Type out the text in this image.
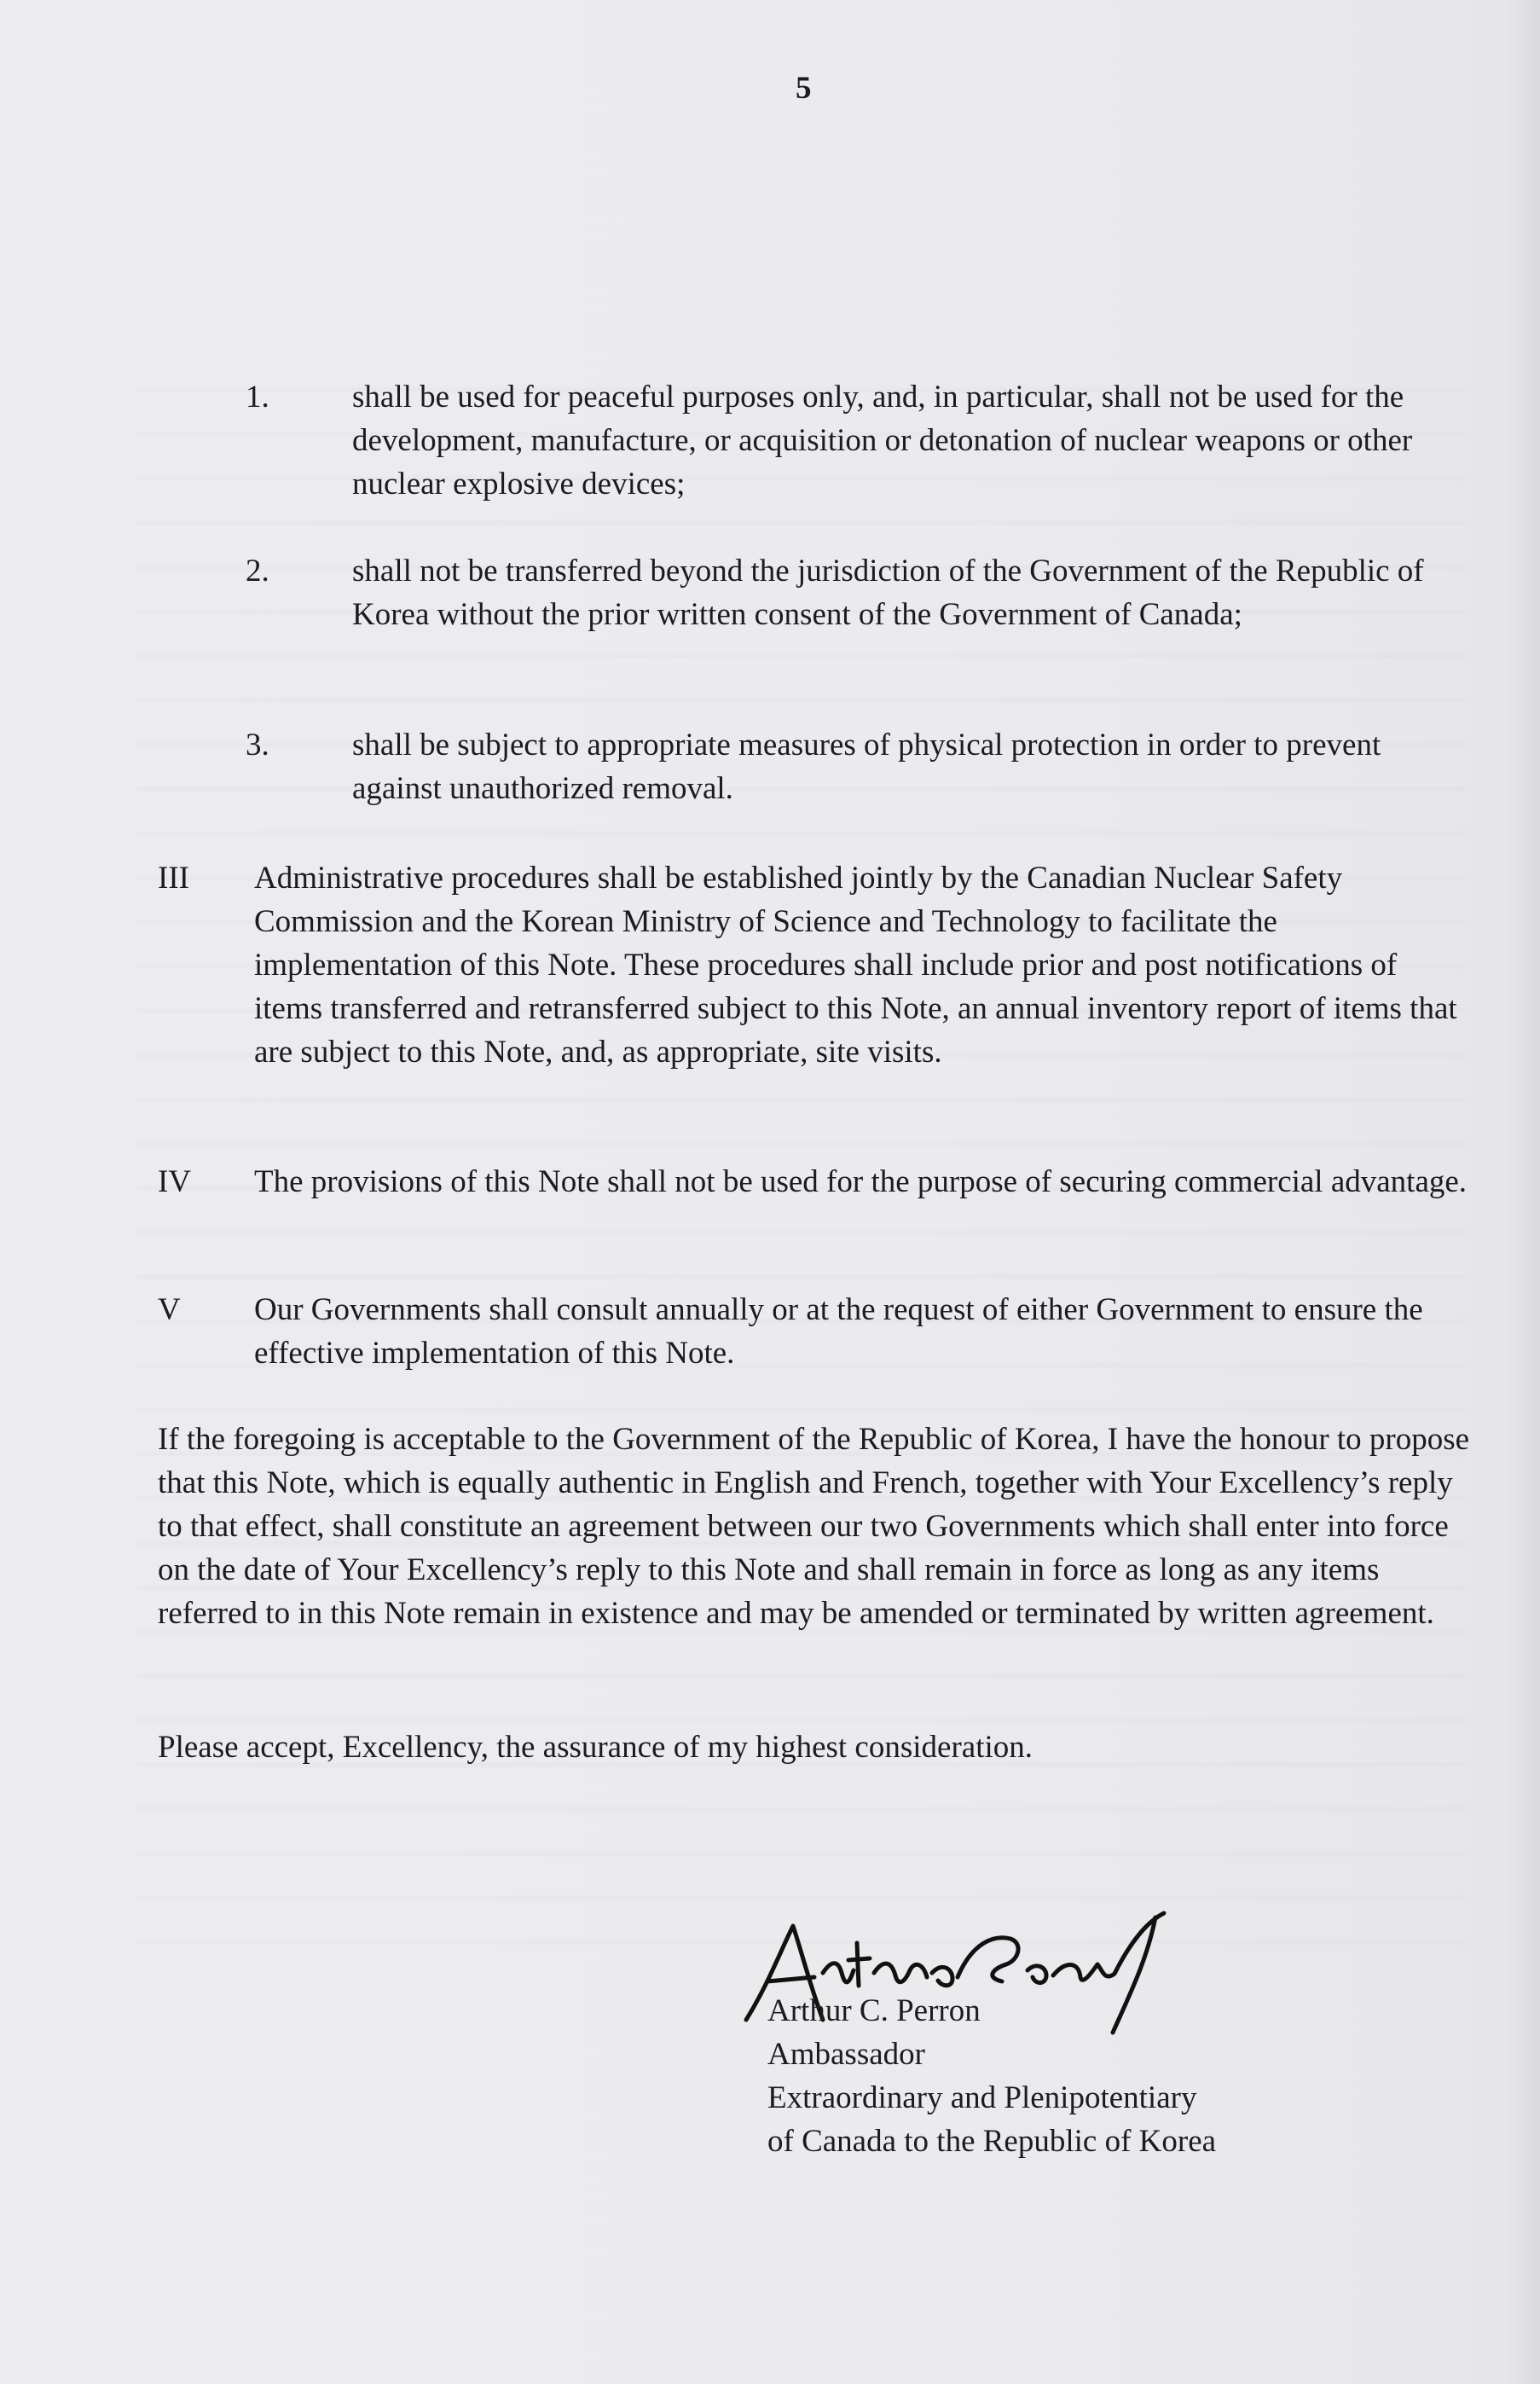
5
1.	shall be used for peaceful purposes only, and, in particular, shall not be used for the development, manufacture, or acquisition or detonation of nuclear weapons or other nuclear explosive devices;
2.	shall not be transferred beyond the jurisdiction of the Government of the Republic of Korea without the prior written consent of the Government of Canada;
3.	shall be subject to appropriate measures of physical protection in order to prevent against unauthorized removal.
III Administrative procedures shall be established jointly by the Canadian Nuclear Safety Commission and the Korean Ministry of Science and Technology to facilitate the implementation of this Note. These procedures shall include prior and post notifications of items transferred and retransferred subject to this Note, an annual inventory report of items that are subject to this Note, and, as appropriate, site visits.
IV The provisions of this Note shall not be used for the purpose of securing commercial advantage.
V Our Governments shall consult annually or at the request of either Government to ensure the effective implementation of this Note.
If the foregoing is acceptable to the Government of the Republic of Korea, I have the honour to propose that this Note, which is equally authentic in English and French, together with Your Excellency’s reply to that effect, shall constitute an agreement between our two Governments which shall enter into force on the date of Your Excellency’s reply to this Note and shall remain in force as long as any items referred to in this Note remain in existence and may be amended or terminated by written agreement.
Please accept, Excellency, the assurance of my highest consideration.
Arthur C. Perron
Ambassador
Extraordinary and Plenipotentiary
of Canada to the Republic of Korea
